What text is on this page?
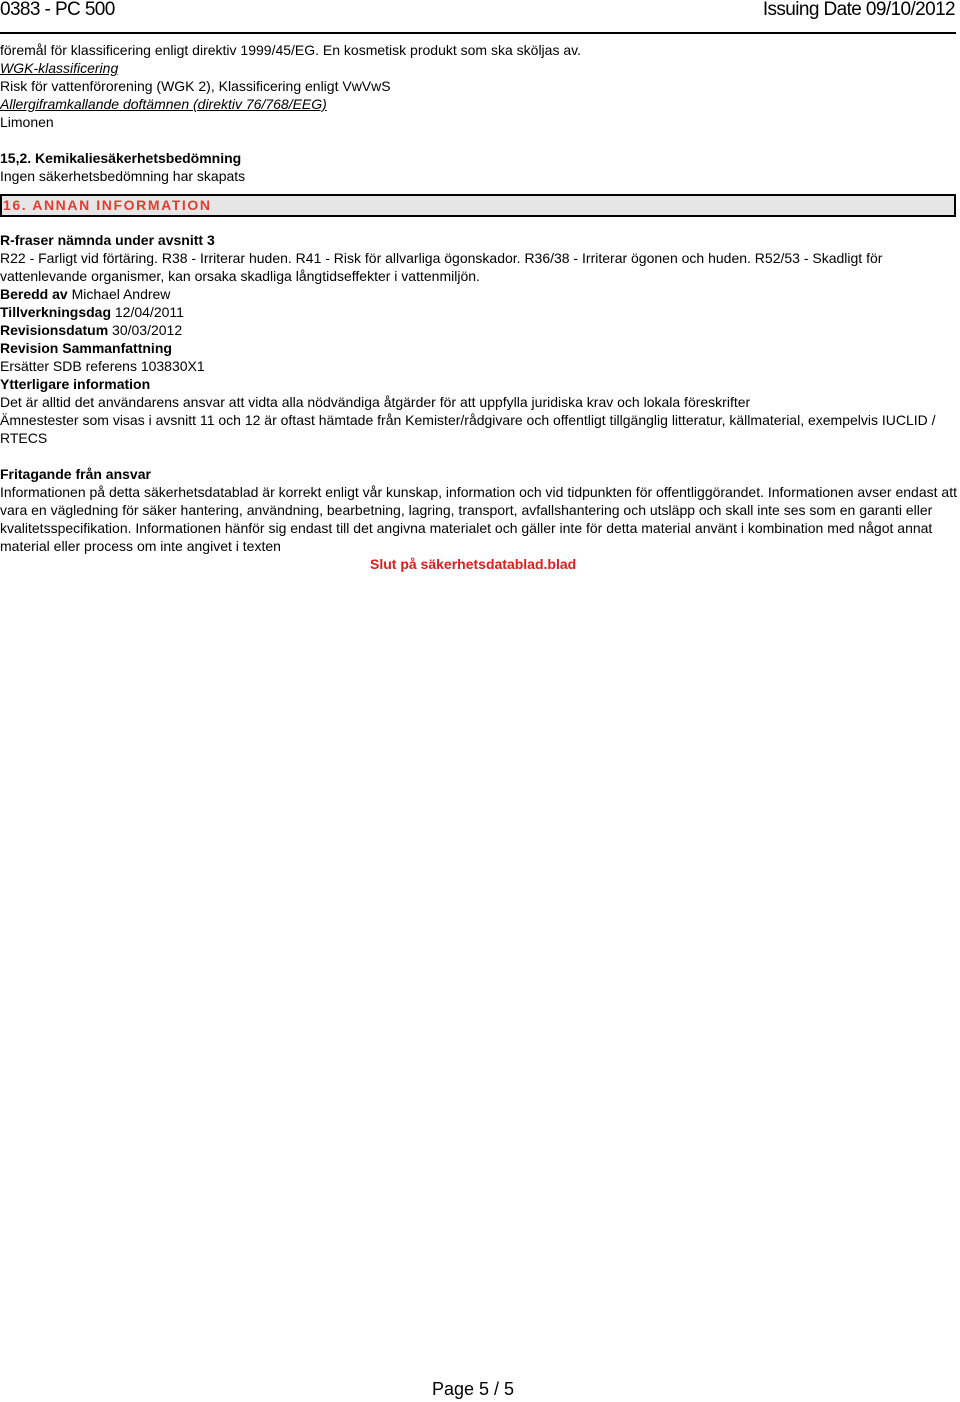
0383 - PC 500	Issuing Date 09/10/2012

föremål för klassificering enligt direktiv 1999/45/EG. En kosmetisk produkt som ska sköljas av.

WGK-klassificering

Risk för vattenförorening (WGK 2), Klassificering enligt VwVwS

Allergiframkallande doftämnen (direktiv 76/768/EEG)

Limonen

15,2. Kemikaliesäkerhetsbedömning

Ingen säkerhetsbedömning har skapats

16. ANNAN INFORMATION

R-fraser nämnda under avsnitt 3

R22 - Farligt vid förtäring. R38 - Irriterar huden. R41 - Risk för allvarliga ögonskador. R36/38 - Irriterar ögonen och huden. R52/53 - Skadligt för vattenlevande organismer, kan orsaka skadliga långtidseffekter i vattenmiljön.

Beredd av Michael Andrew

Tillverkningsdag 12/04/2011

Revisionsdatum 30/03/2012

Revision Sammanfattning

Ersätter SDB referens 103830X1

Ytterligare information

Det är alltid det användarens ansvar att vidta alla nödvändiga åtgärder för att uppfylla juridiska krav och lokala föreskrifter

Ämnestester som visas i avsnitt 11 och 12 är oftast hämtade från Kemister/rådgivare och offentligt tillgänglig litteratur, källmaterial, exempelvis IUCLID / RTECS

Fritagande från ansvar

Informationen på detta säkerhetsdatablad är korrekt enligt vår kunskap, information och vid tidpunkten för offentliggörandet. Informationen avser endast att vara en vägledning för säker hantering, användning, bearbetning, lagring, transport, avfallshantering och utsläpp och skall inte ses som en garanti eller kvalitetsspecifikation. Informationen hänför sig endast till det angivna materialet och gäller inte för detta material använt i kombination med något annat material eller process om inte angivet i texten

Slut på säkerhetsdatablad.blad

Page 5 / 5
